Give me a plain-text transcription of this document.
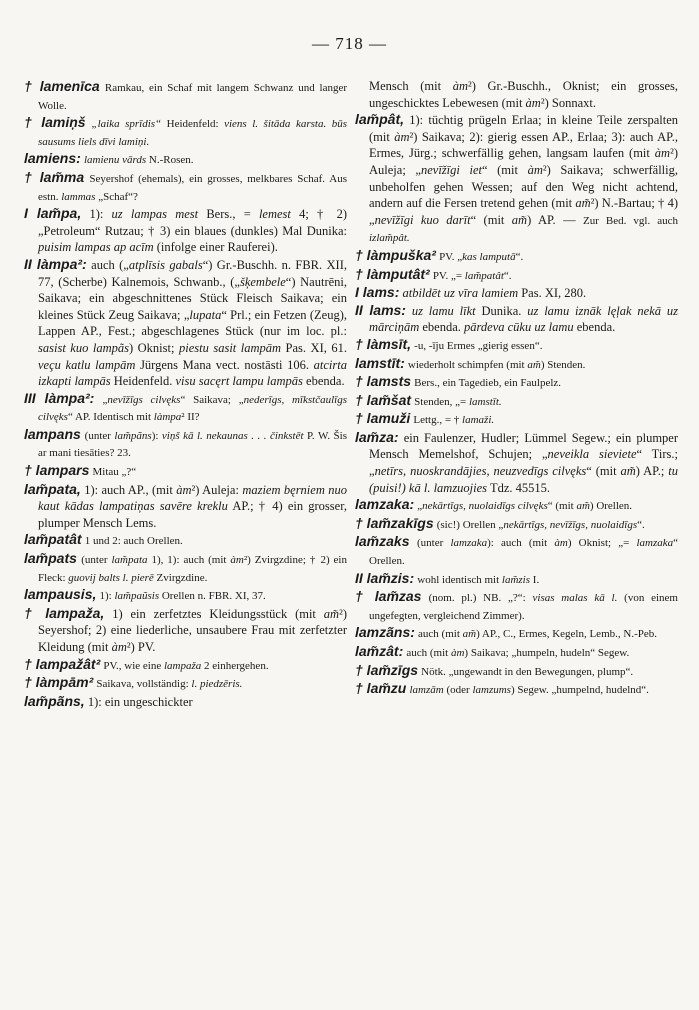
— 718 —

† lamenīca Ramkau, ein Schaf mit langem Schwanz und langer Wolle.

† lamiņš „laika sprīdis“ Heidenfeld: viens l. šitāda karsta. būs sausums liels dīvi lamiņi.

lamiens: lamienu vārds N.-Rosen.

† lam̃ma Seyershof (ehemals), ein grosses, melkbares Schaf. Aus estn. lammas „Schaf“?

I lam̃pa, 1): uz lampas mest Bers., = lemest 4; † 2) „Petroleum“ Rutzau; † 3) ein blaues (dunkles) Mal Dunika: puisim lampas ap acīm (infolge einer Rauferei).

II làmpa²: auch („atplīsis gabals“) Gr.-Buschh. n. FBR. XII, 77, (Scherbe) Kalnemois, Schwanb., („šķembele“) Nautrēni, Saikava; ein abgeschnittenes Stück Fleisch Saikava; ein kleines Stück Zeug Saikava; „lupata“ Prl.; ein Fetzen (Zeug), Lappen AP., Fest.; abgeschlagenes Stück (nur im loc. pl.: sasist kuo lampãs) Oknist; piestu sasit lampām Pas. XI, 61. veçu katlu lampām Jürgens Mana vect. nostāsti 106. atcirta izkapti lampās Heidenfeld. visu sacęrt lampu lampās ebenda.

III làmpa²: „nevīžīgs cilvęks“ Saikava; „nederīgs, mīkstčaulīgs cilvęks“ AP. Identisch mit làmpa² II?

lampans (unter lam̃pãns): viņš kā l. nekaunas . . . činkstēt P. W. Šis ar mani tiesāties? 23.

† lampars Mitau „?“

lam̃pata, 1): auch AP., (mit àm²) Auleja: maziem bęrniem nuo kaut kādas lampatiņas savēre kreklu AP.; † 4) ein grosser, plumper Mensch Lems.

lam̃patât 1 und 2: auch Orellen.

lam̃pats (unter lam̃pata 1), 1): auch (mit àm²) Zvirgzdine; † 2) ein Fleck: guovij balts l. pierē Zvirgzdine.

lampausis, 1): lam̃paũsis Orellen n. FBR. XI, 37.

† lampaža, 1) ein zerfetztes Kleidungsstück (mit am̃²) Seyershof; 2) eine liederliche, unsaubere Frau mit zerfetzter Kleidung (mit àm²) PV.

† lampažât² PV., wie eine lampaža 2 einhergehen.

† làmpām² Saikava, vollständig: l. piedzēris.

lam̃pãns, 1): ein ungeschickter

Mensch (mit àm²) Gr.-Buschh., Oknist; ein grosses, ungeschicktes Lebewesen (mit àm²) Sonnaxt.

lam̃pât, 1): tüchtig prügeln Erlaa; in kleine Teile zerspalten (mit àm²) Saikava; 2): gierig essen AP., Erlaa; 3): auch AP., Ermes, Jürg.; schwerfällig gehen, langsam laufen (mit àm²) Auleja; „nevīžīgi iet“ (mit àm²) Saikava; schwerfällig, unbeholfen gehen Wessen; auf den Weg nicht achtend, andern auf die Fersen tretend gehen (mit am̃²) N.-Bartau; † 4) „nevīžīgi kuo darīt“ (mit am̃) AP. — Zur Bed. vgl. auch izlam̃pât.

† làmpuška² PV. „kas lamputā“.

† làmputât² PV. „= lam̃patât“.

I lams: atbildēt uz vīra lamiem Pas. XI, 280.

II lams: uz lamu līkt Dunika. uz lamu iznāk lęļak nekā uz mārciņām ebenda. pārdeva cūku uz lamu ebenda.

† làmsīt, -u, -īju Ermes „gierig essen“.

lamstīt: wiederholt schimpfen (mit am̃) Stenden.

† lamsts Bers., ein Tagedieb, ein Faulpelz.

† lam̃šat Stenden, „= lamstīt.

† lamuži Lettg., = † lamaži.

lam̃za: ein Faulenzer, Hudler; Lümmel Segew.; ein plumper Mensch Memelshof, Schujen; „neveikla sieviete“ Tirs.; „netīrs, nuoskrandājies, neuzvedīgs cilvęks“ (mit am̃) AP.; tu (puisi!) kā l. lamzuojies Tdz. 45515.

lamzaka: „nekārtīgs, nuolaidīgs cilvęks“ (mit am̃) Orellen.

† lam̃zakīgs (sic!) Orellen „nekārtīgs, nevīžīgs, nuolaidīgs“.

lam̃zaks (unter lamzaka): auch (mit àm) Oknist; „= lamzaka“ Orellen.

II lam̃zis: wohl identisch mit lam̃zis I.

† lam̃zas (nom. pl.) NB. „?“: visas malas kā l. (von einem ungefegten, vergleichend Zimmer).

lamzãns: auch (mit am̃) AP., C., Ermes, Kegeln, Lemb., N.-Peb.

lam̃zât: auch (mit àm) Saikava; „humpeln, hudeln“ Segew.

† lam̃zīgs Nötk. „ungewandt in den Bewegungen, plump“.

† lam̃zu lamzām (oder lamzums) Segew. „humpelnd, hudelnd“.
